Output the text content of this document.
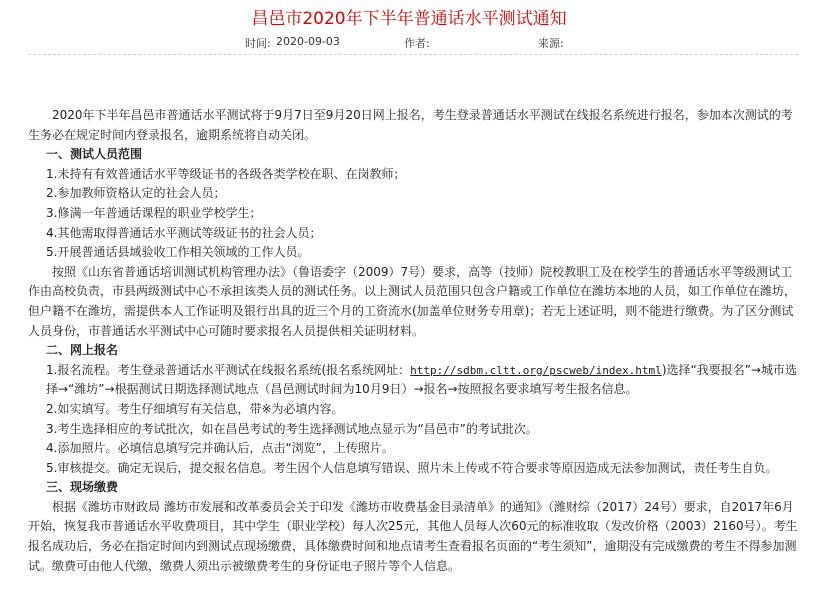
昌邑市2020年下半年普通话水平测试通知
时间: 2020-09-03	作者:	来源:

2020年下半年昌邑市普通话水平测试将于9月7日至9月20日网上报名，考生登录普通话水平测试在线报名系统进行报名，参加本次测试的考生务必在规定时间内登录报名，逾期系统将自动关闭。

一、测试人员范围

1.未持有有效普通话水平等级证书的各级各类学校在职、在岗教师；

2.参加教师资格认定的社会人员；

3.修满一年普通话课程的职业学校学生；

4.其他需取得普通话水平测试等级证书的社会人员；

5.开展普通话县域验收工作相关领域的工作人员。

按照《山东省普通话培训测试机构管理办法》（鲁语委字（2009）7号）要求，高等（技师）院校教职工及在校学生的普通话水平等级测试工作由高校负责，市县两级测试中心不承担该类人员的测试任务。以上测试人员范围只包含户籍或工作单位在潍坊本地的人员，如工作单位在潍坊，但户籍不在潍坊，需提供本人工作证明及银行出具的近三个月的工资流水(加盖单位财务专用章)；若无上述证明，则不能进行缴费。为了区分测试人员身份，市普通话水平测试中心可随时要求报名人员提供相关证明材料。

二、网上报名

1.报名流程。考生登录普通话水平测试在线报名系统(报名系统网址：http://sdbm.cltt.org/pscweb/index.html)选择“我要报名”→城市选择→“潍坊”→根据测试日期选择测试地点（昌邑测试时间为10月9日）→报名→按照报名要求填写考生报名信息。

2.如实填写。考生仔细填写有关信息，带※为必填内容。

3.考生选择相应的考试批次，如在昌邑考试的考生选择测试地点显示为“昌邑市”的考试批次。

4.添加照片。必填信息填写完并确认后，点击“浏览”，上传照片。

5.审核提交。确定无误后，提交报名信息。考生因个人信息填写错误、照片未上传或不符合要求等原因造成无法参加测试，责任考生自负。

三、现场缴费

根据《潍坊市财政局 潍坊市发展和改革委员会关于印发《潍坊市收费基金目录清单》的通知》（潍财综（2017）24号）要求，自2017年6月开始，恢复我市普通话水平收费项目，其中学生（职业学校）每人次25元，其他人员每人次60元的标准收取（发改价格（2003）2160号）。考生报名成功后，务必在指定时间内到测试点现场缴费，具体缴费时间和地点请考生查看报名页面的“考生须知”，逾期没有完成缴费的考生不得参加测试。缴费可由他人代缴，缴费人须出示被缴费考生的身份证电子照片等个人信息。
